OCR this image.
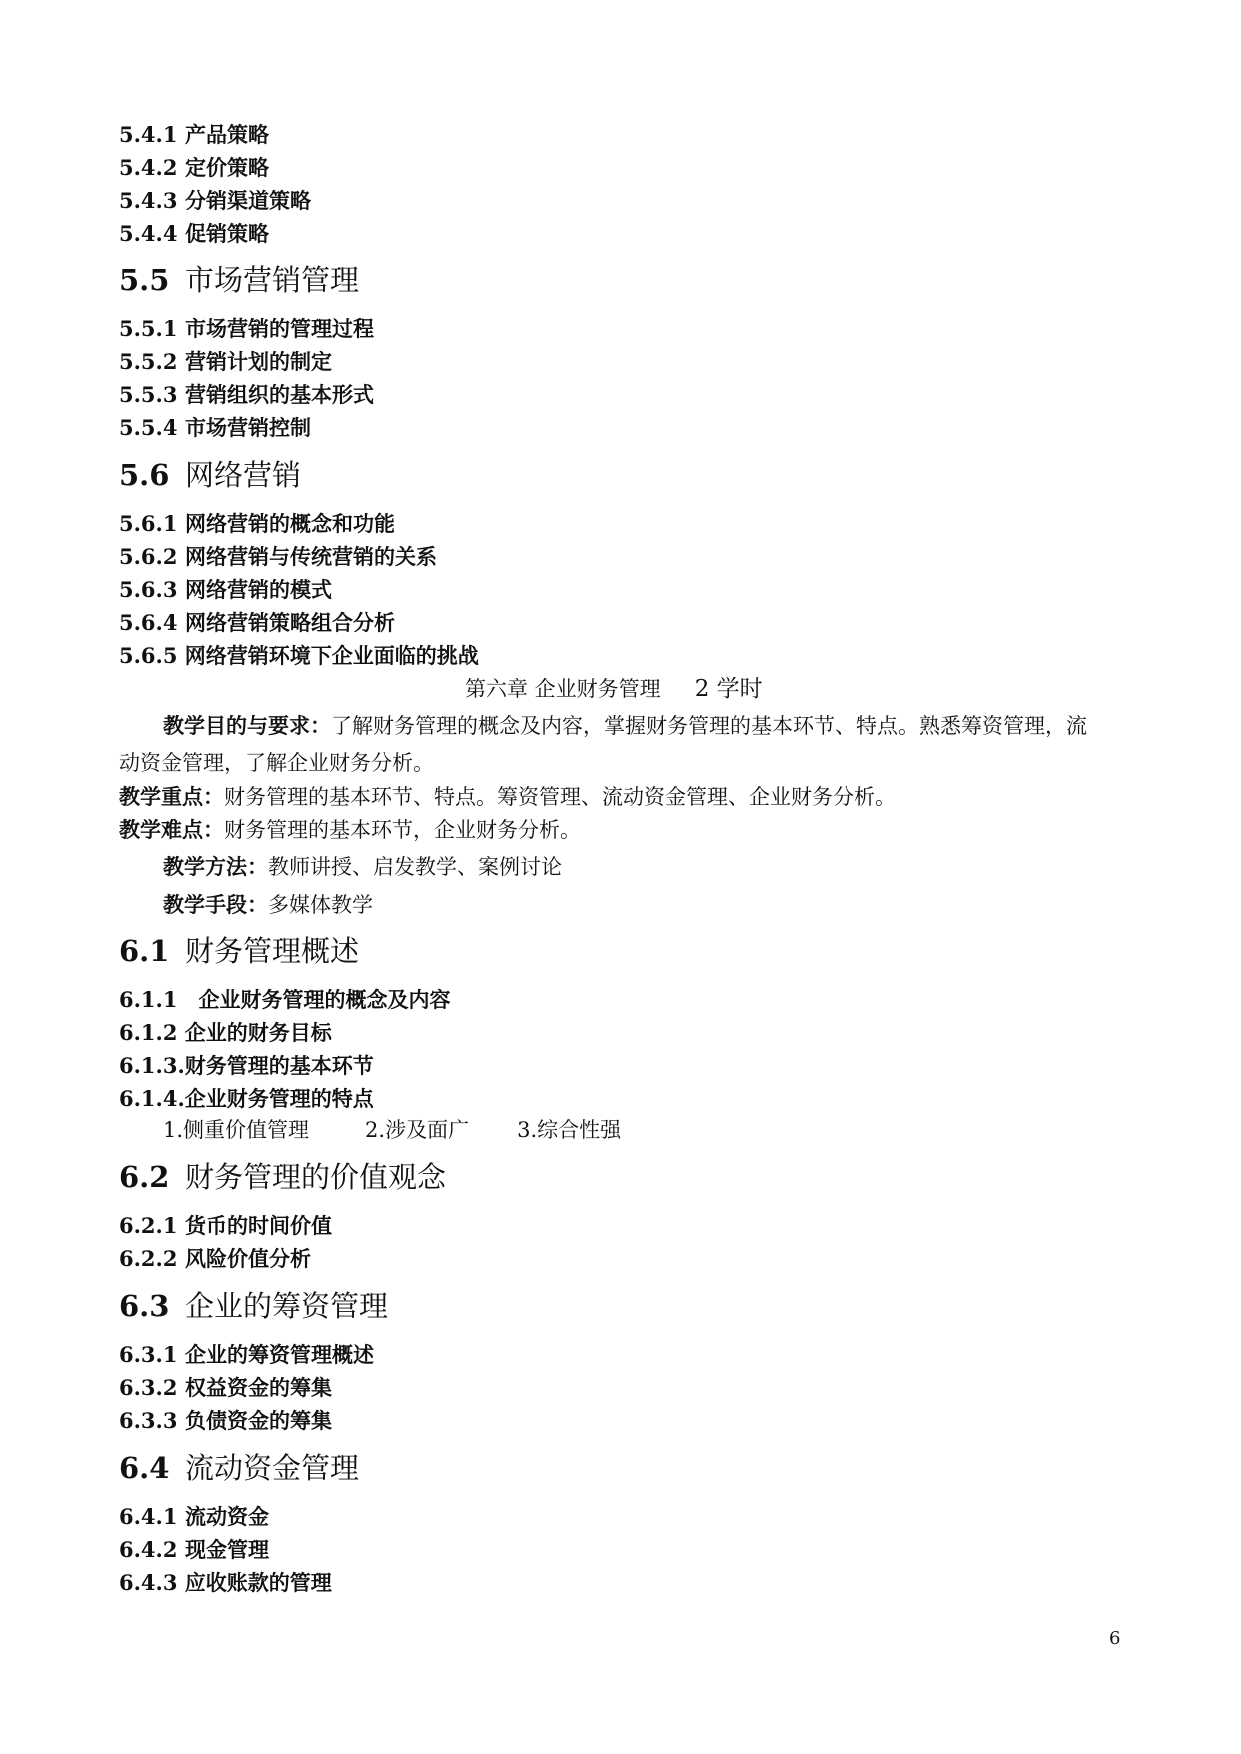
5.4.1 产品策略
5.4.2 定价策略
5.4.3 分销渠道策略
5.4.4 促销策略
5.5 市场营销管理
5.5.1 市场营销的管理过程
5.5.2 营销计划的制定
5.5.3 营销组织的基本形式
5.5.4 市场营销控制
5.6 网络营销
5.6.1 网络营销的概念和功能
5.6.2 网络营销与传统营销的关系
5.6.3 网络营销的模式
5.6.4 网络营销策略组合分析
5.6.5 网络营销环境下企业面临的挑战
第六章 企业财务管理 2 学时
教学目的与要求：了解财务管理的概念及内容，掌握财务管理的基本环节、特点。熟悉筹资管理，流
动资金管理，了解企业财务分析。
教学重点：财务管理的基本环节、特点。筹资管理、流动资金管理、企业财务分析。
教学难点：财务管理的基本环节，企业财务分析。
教学方法：教师讲授、启发教学、案例讨论
教学手段：多媒体教学
6.1 财务管理概述
6.1.1　企业财务管理的概念及内容
6.1.2 企业的财务目标
6.1.3.财务管理的基本环节
6.1.4.企业财务管理的特点
1.侧重价值管理	2.涉及面广 3.综合性强
6.2 财务管理的价值观念
6.2.1 货币的时间价值
6.2.2 风险价值分析
6.3 企业的筹资管理
6.3.1 企业的筹资管理概述
6.3.2 权益资金的筹集
6.3.3 负债资金的筹集
6.4 流动资金管理
6.4.1 流动资金
6.4.2 现金管理
6.4.3 应收账款的管理
6
